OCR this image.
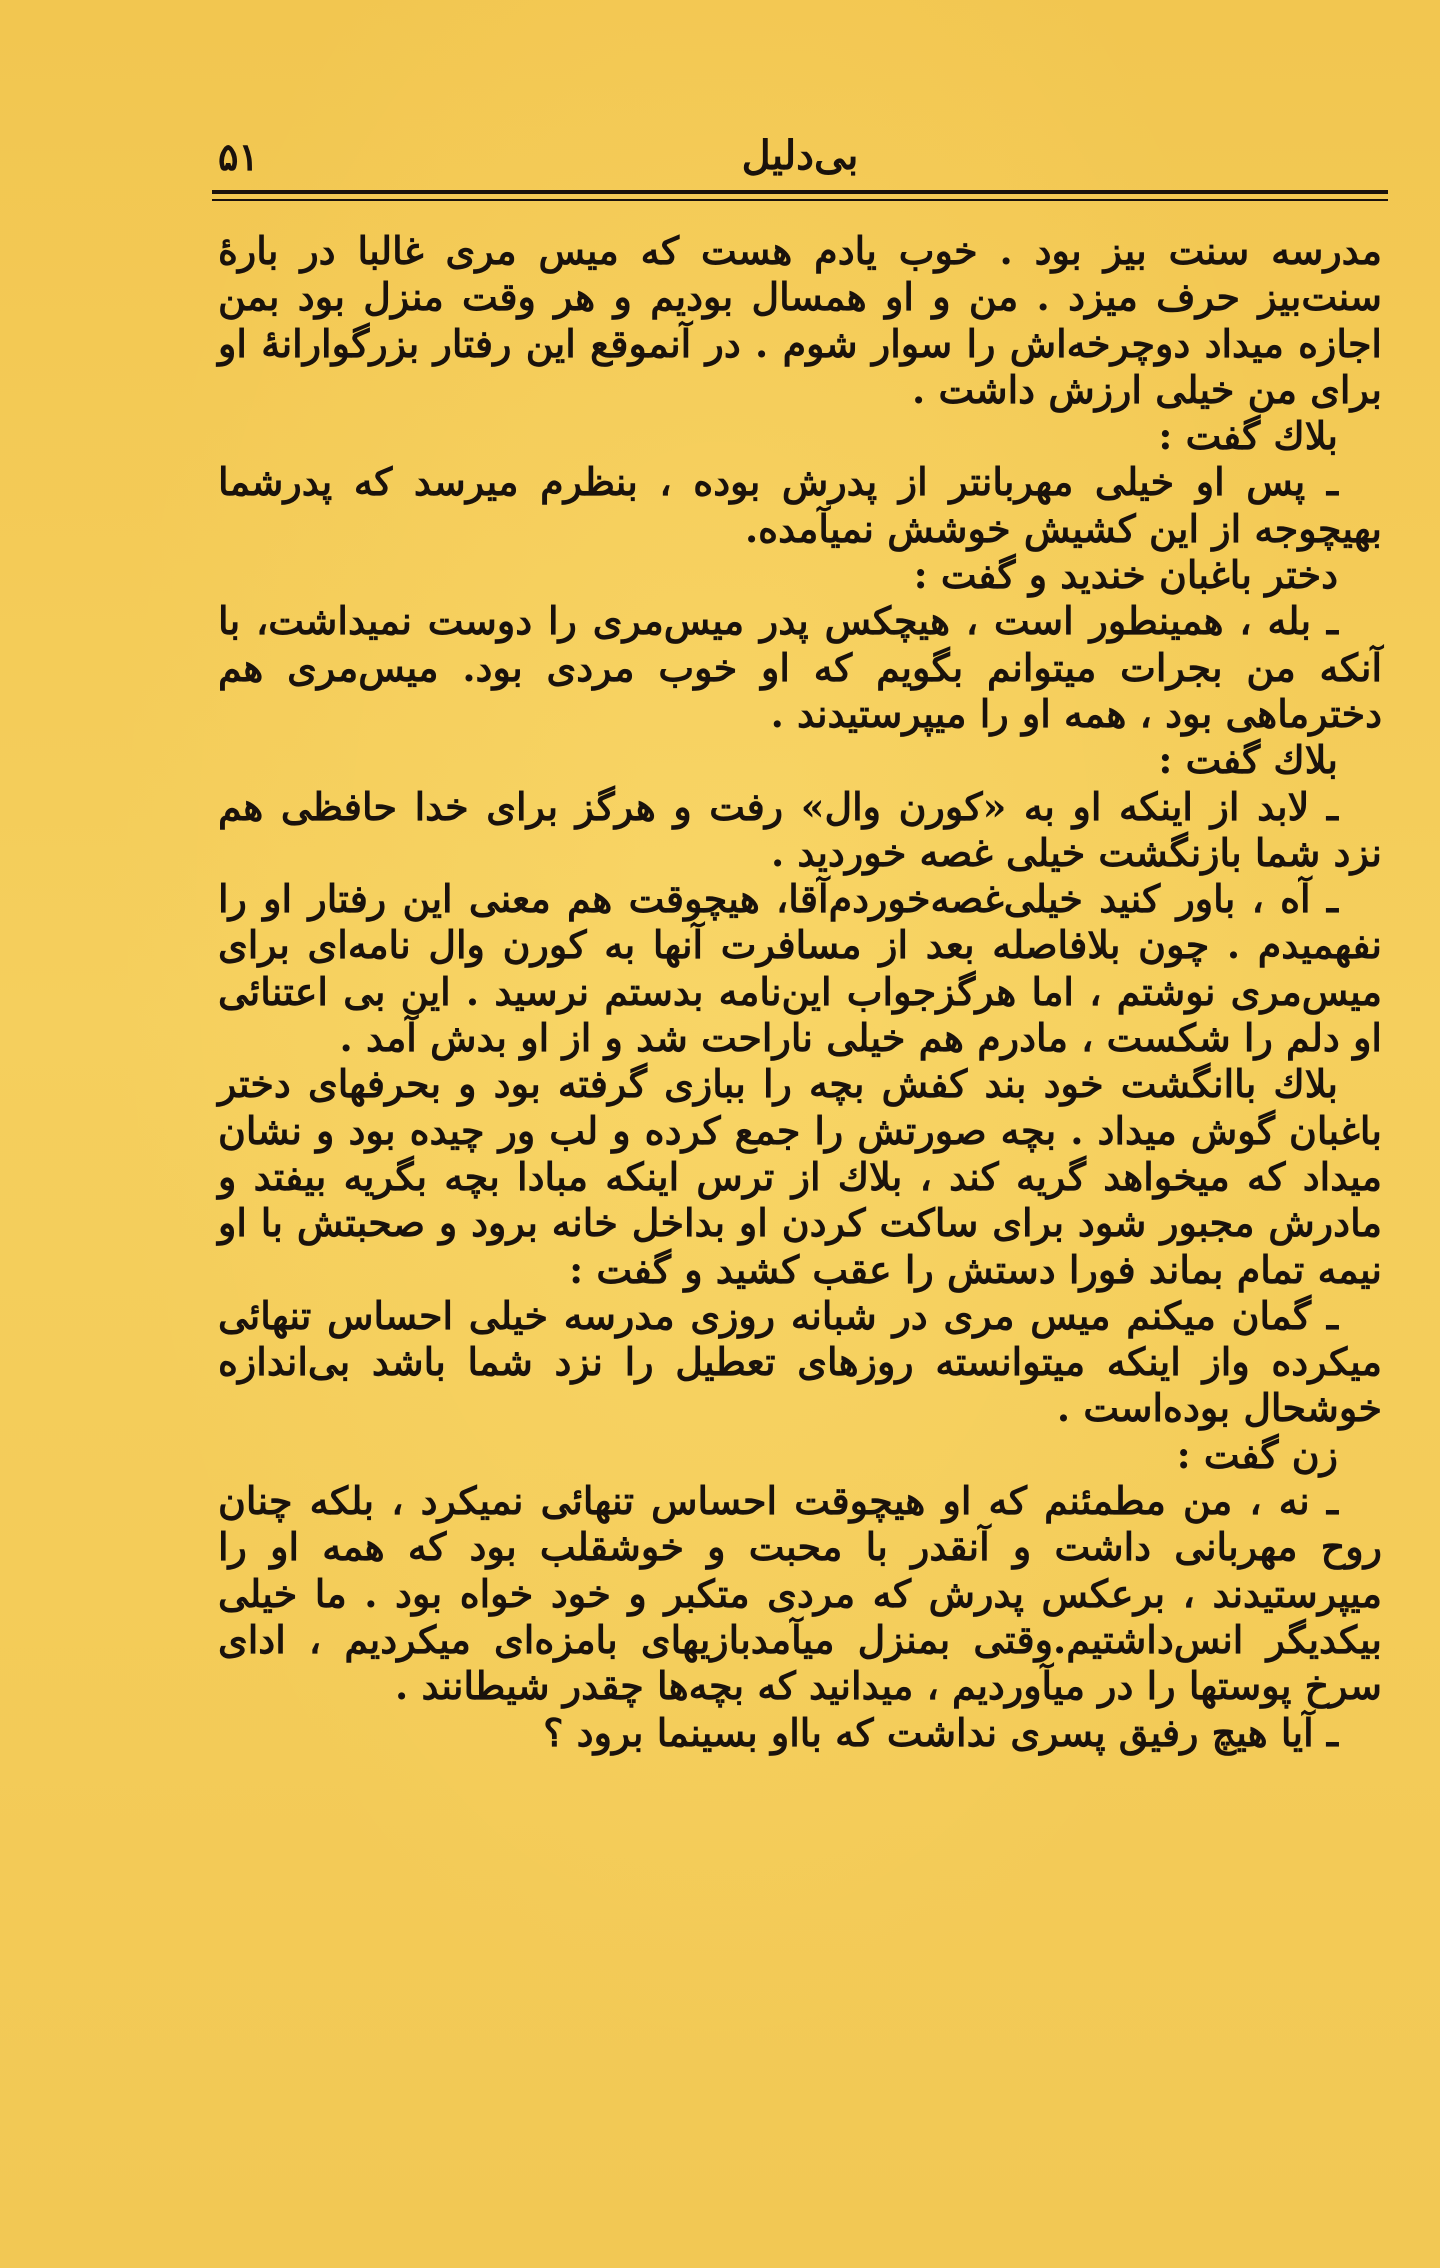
بی‌دلیل
۵۱

مدرسه سنت بیز بود . خوب یادم هست که میس مری غالبا در بارهٔ سنت‌بیز حرف میزد . من و او همسال بودیم و هر وقت منزل بود بمن اجازه میداد دوچرخه‌اش را سوار شوم . در آنموقع این رفتار بزرگوارانهٔ او برای من خیلی ارزش داشت .

بلاك گفت :

ـ پس او خیلی مهربانتر از پدرش بوده ، بنظرم میرسد که پدرشما بهیچوجه از این کشیش خوشش نمیآمده.

دختر باغبان خندید و گفت :

ـ بله ، همینطور است ، هیچکس پدر میس‌مری را دوست نمیداشت، با آنکه من بجرات میتوانم بگویم که او خوب مردی بود. میس‌مری هم دخترماهی بود ، همه او را میپرستیدند .

بلاك گفت :

ـ لابد از اینکه او به «کورن وال» رفت و هرگز برای خدا حافظی هم نزد شما بازنگشت خیلی غصه خوردید .

ـ آه ، باور کنید خیلی‌غصه‌خوردم‌آقا، هیچوقت هم معنی این رفتار او را نفهمیدم . چون بلافاصله بعد از مسافرت آنها به کورن وال نامه‌ای برای میس‌مری نوشتم ، اما هرگزجواب این‌نامه بدستم نرسید . این بی اعتنائی او دلم را شکست ، مادرم هم خیلی ناراحت شد و از او بدش آمد .

بلاك باانگشت خود بند کفش بچه را ببازی گرفته بود و بحرفهای دختر باغبان گوش میداد . بچه صورتش را جمع کرده و لب ور چیده بود و نشان میداد که میخواهد گریه کند ، بلاك از ترس اینکه مبادا بچه بگریه بیفتد و مادرش مجبور شود برای ساکت کردن او بداخل خانه برود و صحبتش با او نیمه تمام بماند فورا دستش را عقب کشید و گفت :

ـ گمان میکنم میس مری در شبانه روزی مدرسه خیلی احساس تنهائی میکرده واز اینکه میتوانسته روزهای تعطیل را نزد شما باشد بی‌اندازه خوشحال بوده‌است .

زن گفت :

ـ نه ، من مطمئنم که او هیچوقت احساس تنهائی نمیکرد ، بلکه چنان روح مهربانی داشت و آنقدر با محبت و خوشقلب بود که همه او را میپرستیدند ، برعکس پدرش که مردی متکبر و خود خواه بود . ما خیلی بیکدیگر انس‌داشتیم.وقتی بمنزل میآمدبازیهای بامزه‌ای میکردیم ، ادای سرخ پوستها را در میآوردیم ، میدانید که بچه‌ها چقدر شیطانند .

ـ آیا هیچ رفیق پسری نداشت که بااو بسینما برود ؟
